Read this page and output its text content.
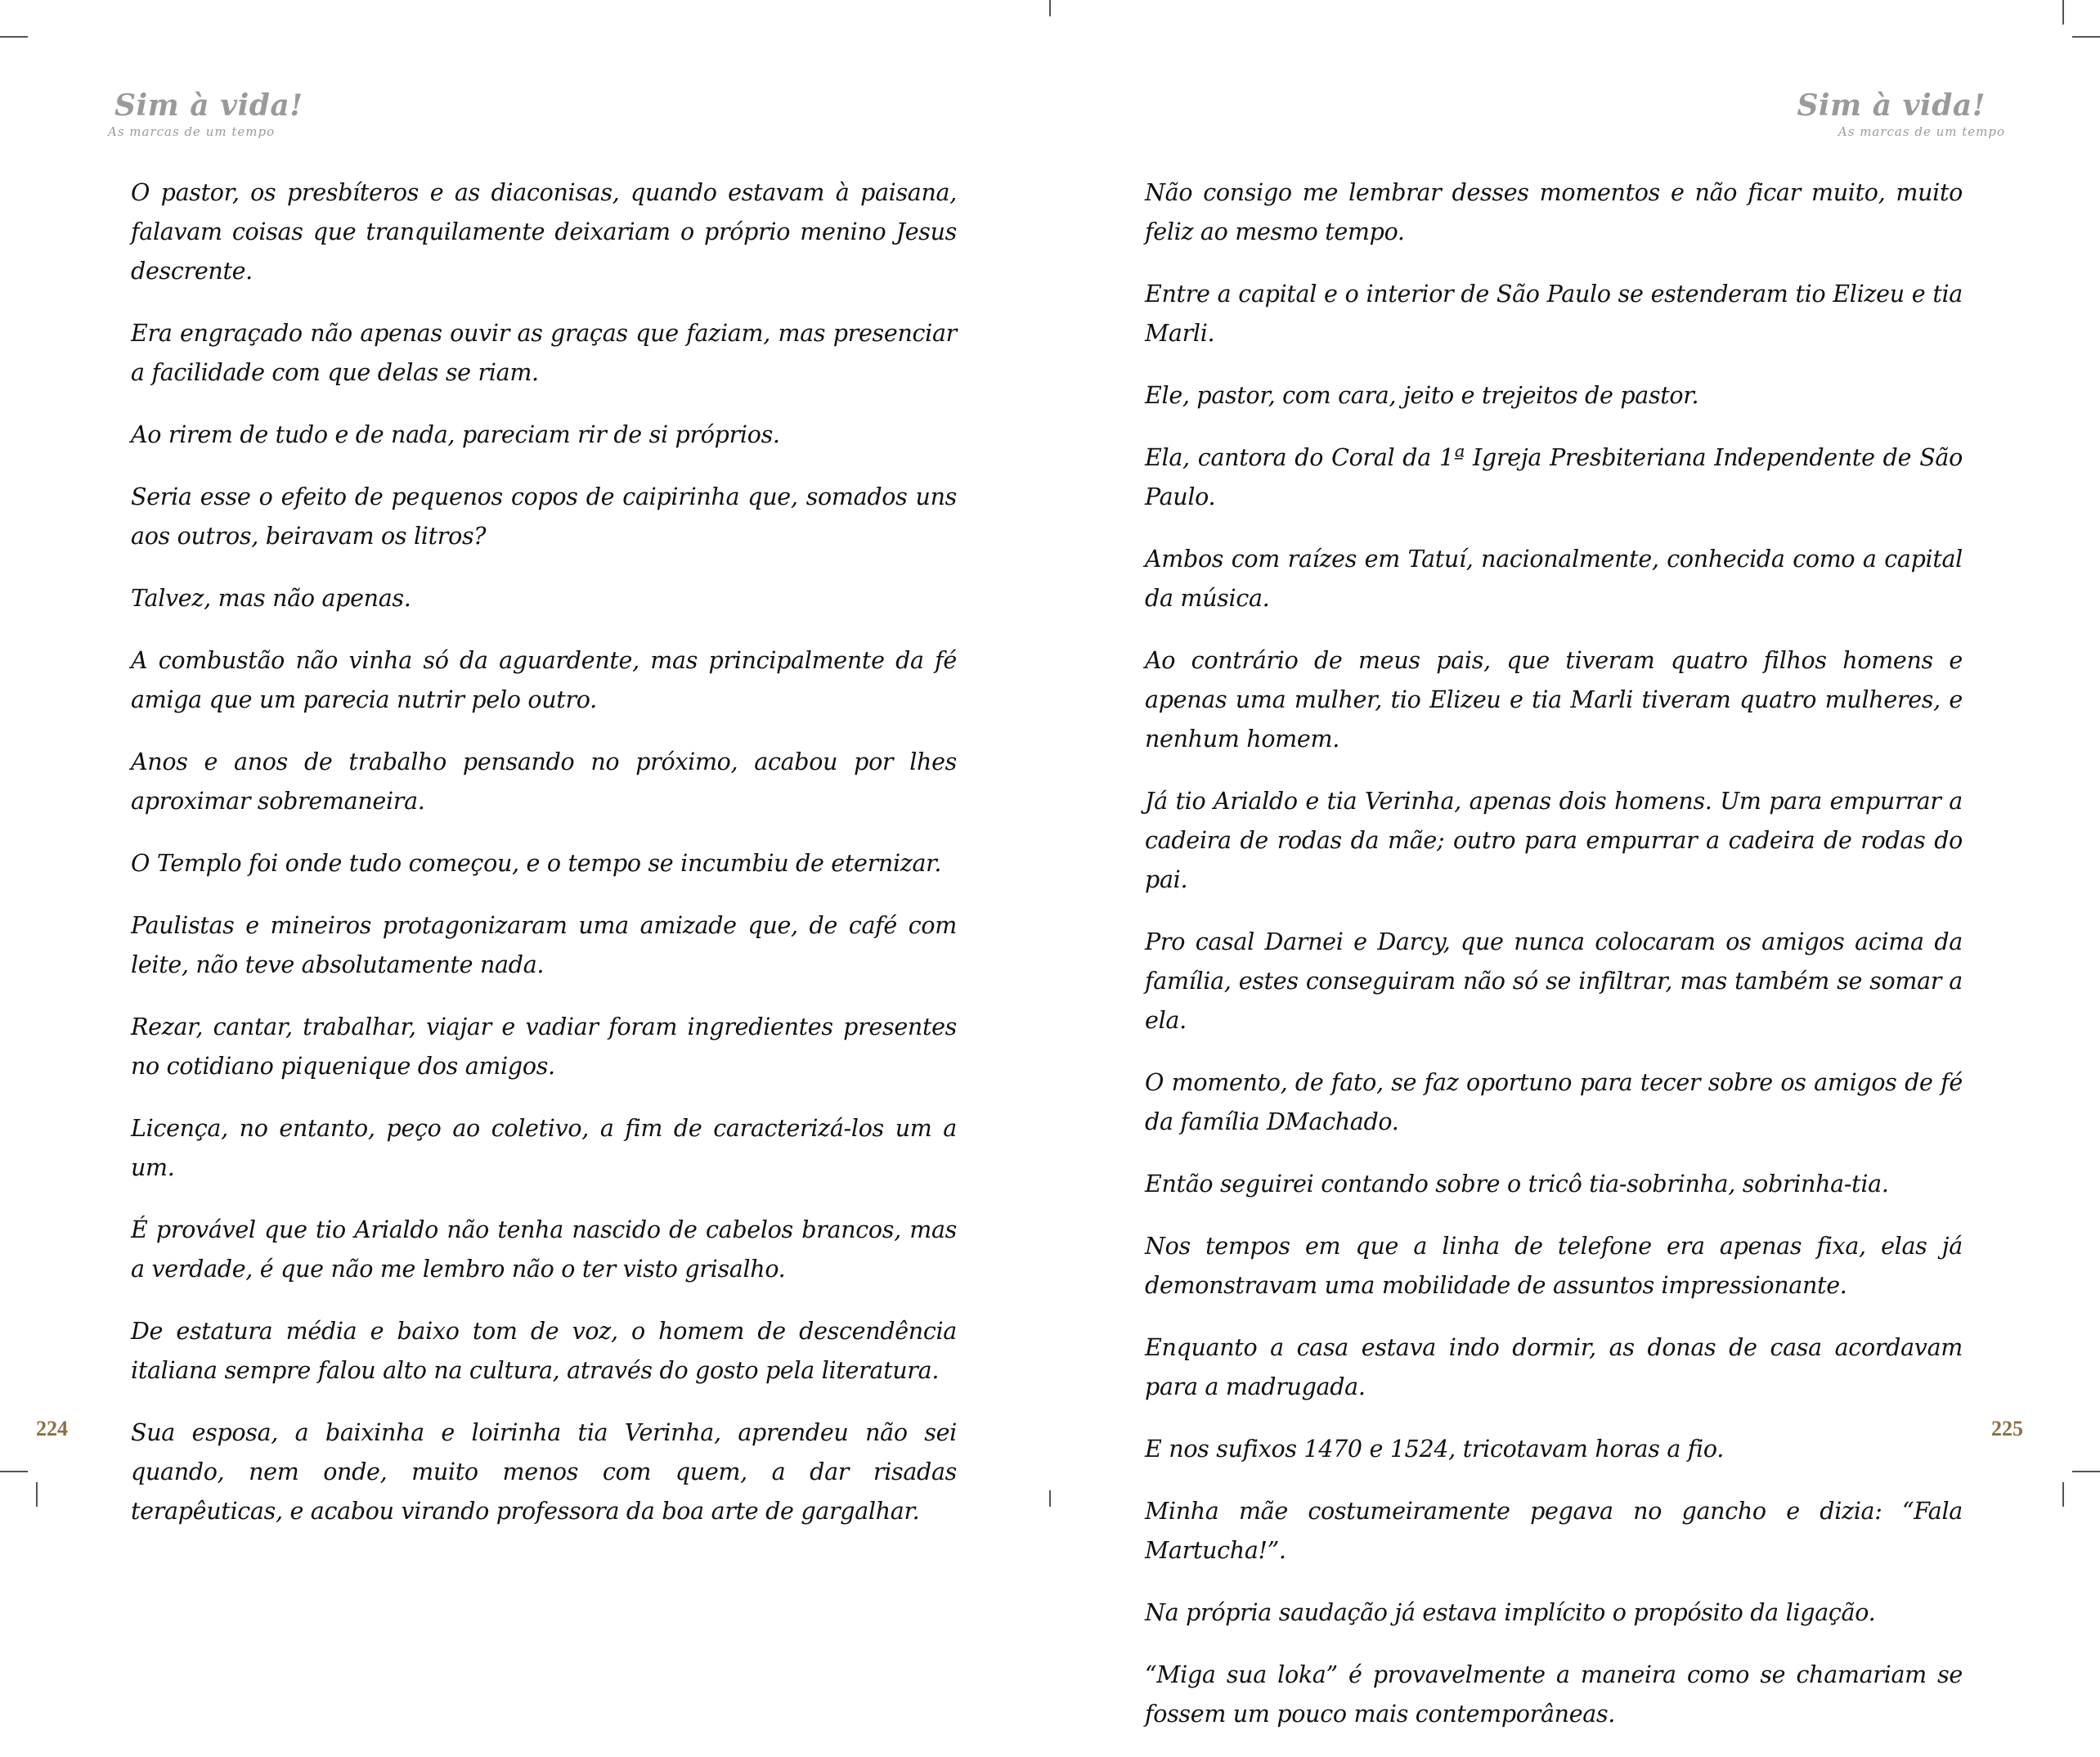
Sim à vida!

As marcas de um tempo

O pastor, os presbíteros e as diaconisas, quando estavam à paisana, falavam coisas que tranquilamente deixariam o próprio menino Jesus descrente.

Era engraçado não apenas ouvir as graças que faziam, mas presenciar a facilidade com que delas se riam.

Ao rirem de tudo e de nada, pareciam rir de si próprios.

Seria esse o efeito de pequenos copos de caipirinha que, somados uns aos outros, beiravam os litros?

Talvez, mas não apenas.

A combustão não vinha só da aguardente, mas principalmente da fé amiga que um parecia nutrir pelo outro.

Anos e anos de trabalho pensando no próximo, acabou por lhes aproximar sobremaneira.

O Templo foi onde tudo começou, e o tempo se incumbiu de eternizar.

Paulistas e mineiros protagonizaram uma amizade que, de café com leite, não teve absolutamente nada.

Rezar, cantar, trabalhar, viajar e vadiar foram ingredientes presentes no cotidiano piquenique dos amigos.

Licença, no entanto, peço ao coletivo, a fim de caracterizá-los um a um.

É provável que tio Arialdo não tenha nascido de cabelos brancos, mas a verdade, é que não me lembro não o ter visto grisalho.

De estatura média e baixo tom de voz, o homem de descendência italiana sempre falou alto na cultura, através do gosto pela literatura.

Sua esposa, a baixinha e loirinha tia Verinha, aprendeu não sei quando, nem onde, muito menos com quem, a dar risadas terapêuticas, e acabou virando professora da boa arte de gargalhar.

224

Sim à vida!

As marcas de um tempo

Não consigo me lembrar desses momentos e não ficar muito, muito feliz ao mesmo tempo.

Entre a capital e o interior de São Paulo se estenderam tio Elizeu e tia Marli.

Ele, pastor, com cara, jeito e trejeitos de pastor.

Ela, cantora do Coral da 1ª Igreja Presbiteriana Independente de São Paulo.

Ambos com raízes em Tatuí, nacionalmente, conhecida como a capital da música.

Ao contrário de meus pais, que tiveram quatro filhos homens e apenas uma mulher, tio Elizeu e tia Marli tiveram quatro mulheres, e nenhum homem.

Já tio Arialdo e tia Verinha, apenas dois homens. Um para empurrar a cadeira de rodas da mãe; outro para empurrar a cadeira de rodas do pai.

Pro casal Darnei e Darcy, que nunca colocaram os amigos acima da família, estes conseguiram não só se infiltrar, mas também se somar a ela.

O momento, de fato, se faz oportuno para tecer sobre os amigos de fé da família DMachado.

Então seguirei contando sobre o tricô tia-sobrinha, sobrinha-tia.

Nos tempos em que a linha de telefone era apenas fixa, elas já demonstravam uma mobilidade de assuntos impressionante.

Enquanto a casa estava indo dormir, as donas de casa acordavam para a madrugada.

E nos sufixos 1470 e 1524, tricotavam horas a fio.

Minha mãe costumeiramente pegava no gancho e dizia: “Fala Martucha!”.

Na própria saudação já estava implícito o propósito da ligação.

“Miga sua loka” é provavelmente a maneira como se chamariam se fossem um pouco mais contemporâneas.

225
